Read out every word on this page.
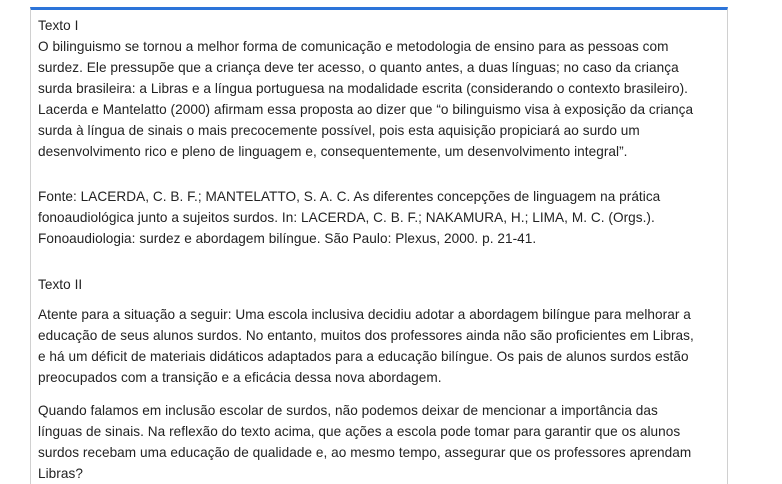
Texto I
O bilinguismo se tornou a melhor forma de comunicação e metodologia de ensino para as pessoas com
surdez. Ele pressupõe que a criança deve ter acesso, o quanto antes, a duas línguas; no caso da criança
surda brasileira: a Libras e a língua portuguesa na modalidade escrita (considerando o contexto brasileiro).
Lacerda e Mantelatto (2000) afirmam essa proposta ao dizer que “o bilinguismo visa à exposição da criança
surda à língua de sinais o mais precocemente possível, pois esta aquisição propiciará ao surdo um
desenvolvimento rico e pleno de linguagem e, consequentemente, um desenvolvimento integral”.
Fonte: LACERDA, C. B. F.; MANTELATTO, S. A. C. As diferentes concepções de linguagem na prática
fonoaudiológica junto a sujeitos surdos. In: LACERDA, C. B. F.; NAKAMURA, H.; LIMA, M. C. (Orgs.).
Fonoaudiologia: surdez e abordagem bilíngue. São Paulo: Plexus, 2000. p. 21-41.
Texto II
Atente para a situação a seguir: Uma escola inclusiva decidiu adotar a abordagem bilíngue para melhorar a
educação de seus alunos surdos. No entanto, muitos dos professores ainda não são proficientes em Libras,
e há um déficit de materiais didáticos adaptados para a educação bilíngue. Os pais de alunos surdos estão
preocupados com a transição e a eficácia dessa nova abordagem.
Quando falamos em inclusão escolar de surdos, não podemos deixar de mencionar a importância das
línguas de sinais. Na reflexão do texto acima, que ações a escola pode tomar para garantir que os alunos
surdos recebam uma educação de qualidade e, ao mesmo tempo, assegurar que os professores aprendam
Libras?
